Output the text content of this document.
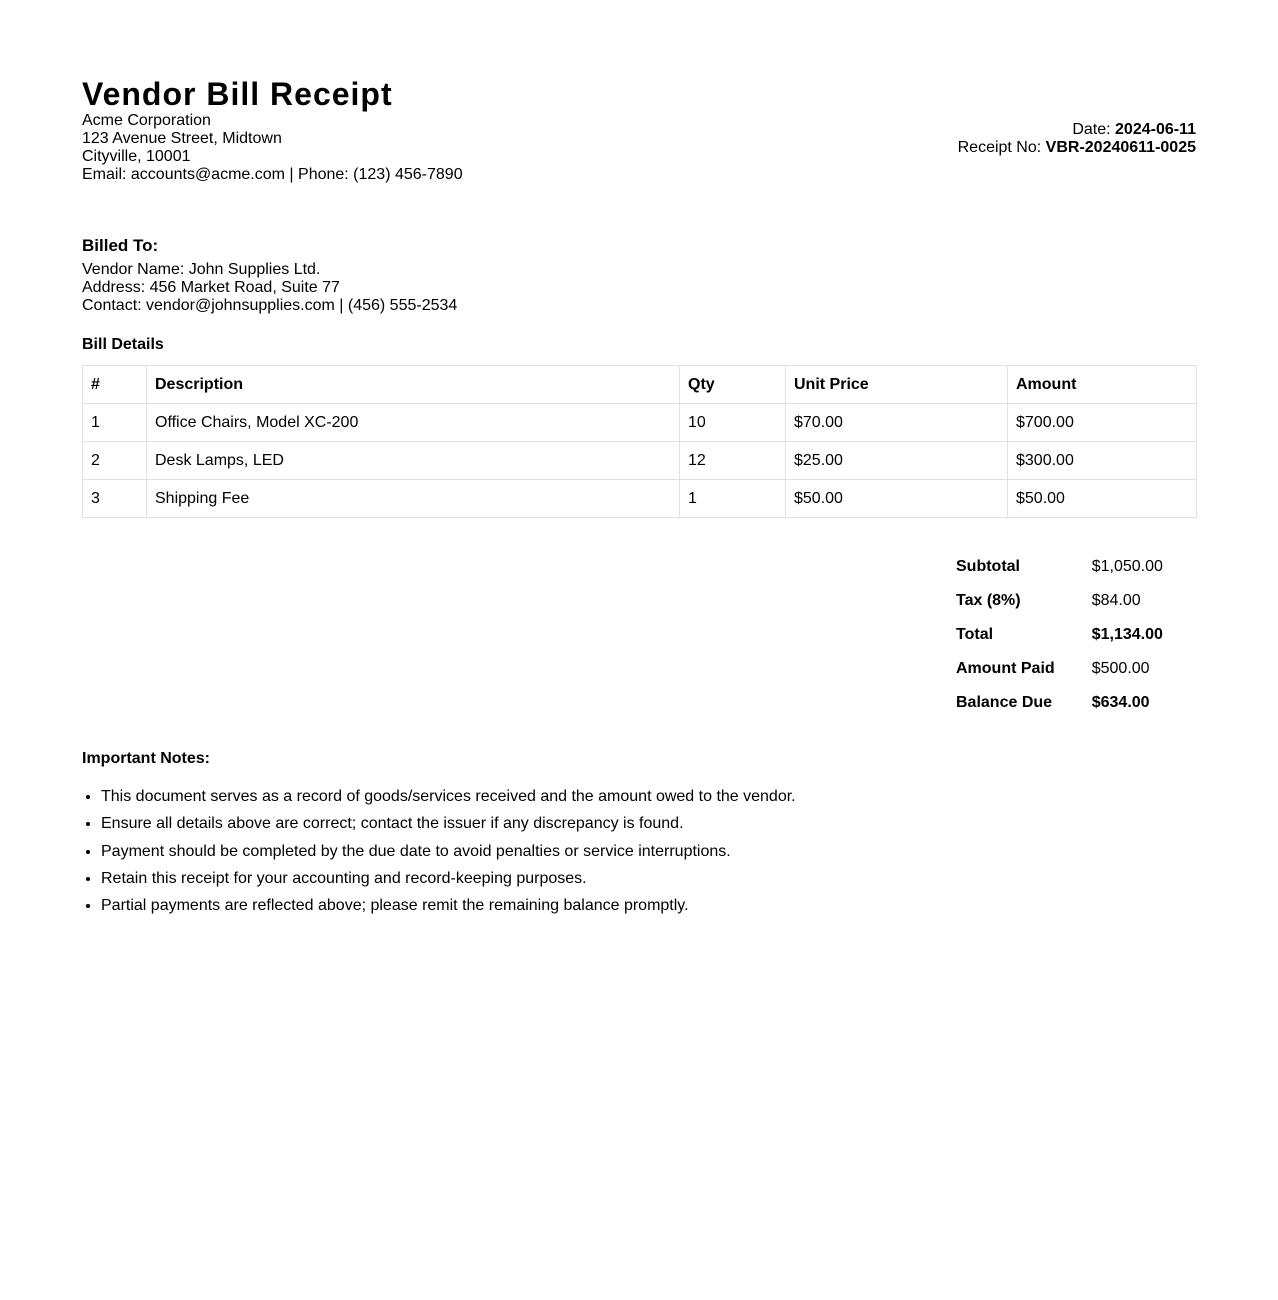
Vendor Bill Receipt
Acme Corporation
123 Avenue Street, Midtown
Cityville, 10001
Email: accounts@acme.com | Phone: (123) 456-7890
Date: 2024-06-11
Receipt No: VBR-20240611-0025
Billed To:
Vendor Name: John Supplies Ltd.
Address: 456 Market Road, Suite 77
Contact: vendor@johnsupplies.com | (456) 555-2534
Bill Details
#	Description	Qty	Unit Price	Amount
1	Office Chairs, Model XC-200	10	$70.00	$700.00
2	Desk Lamps, LED	12	$25.00	$300.00
3	Shipping Fee	1	$50.00	$50.00
Subtotal	$1,050.00
Tax (8%)	$84.00
Total	$1,134.00
Amount Paid	$500.00
Balance Due	$634.00
Important Notes:
• This document serves as a record of goods/services received and the amount owed to the vendor.
• Ensure all details above are correct; contact the issuer if any discrepancy is found.
• Payment should be completed by the due date to avoid penalties or service interruptions.
• Retain this receipt for your accounting and record-keeping purposes.
• Partial payments are reflected above; please remit the remaining balance promptly.
